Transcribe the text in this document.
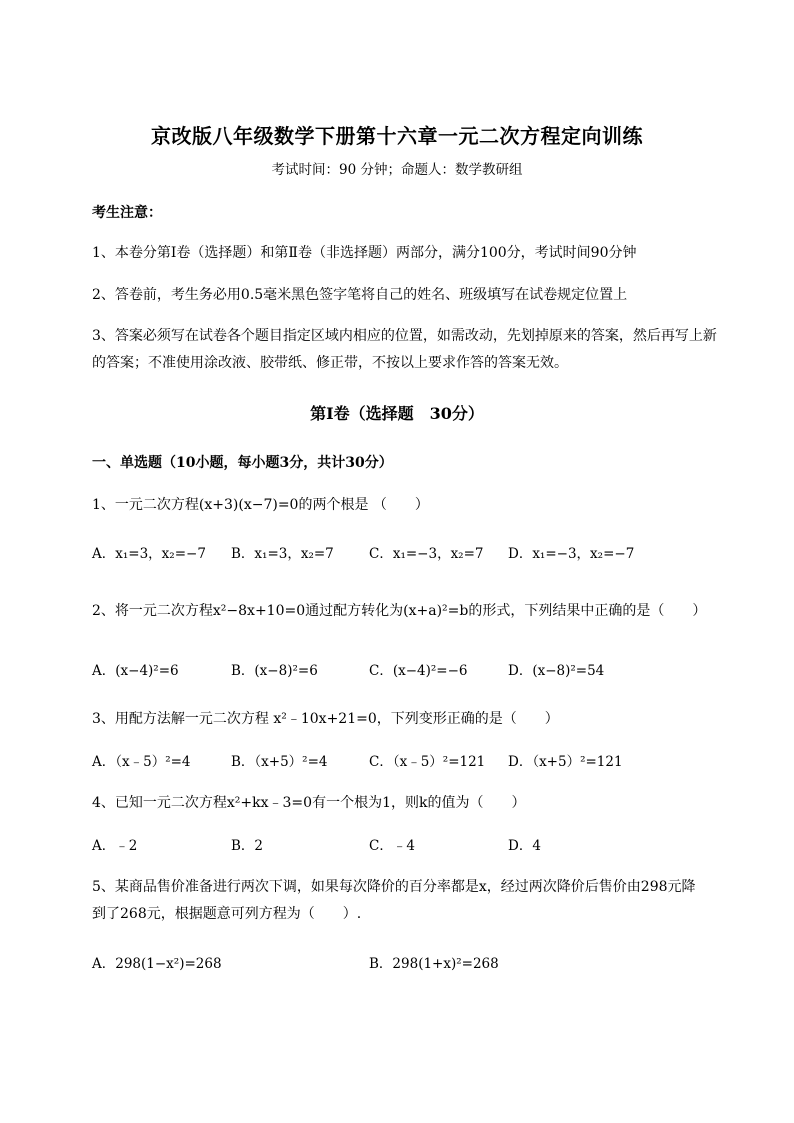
京改版八年级数学下册第十六章一元二次方程定向训练
考试时间：90 分钟；命题人：数学教研组
考生注意：
1、本卷分第Ⅰ卷（选择题）和第Ⅱ卷（非选择题）两部分，满分100分，考试时间90分钟
2、答卷前，考生务必用0.5毫米黑色签字笔将自己的姓名、班级填写在试卷规定位置上
3、答案必须写在试卷各个题目指定区域内相应的位置，如需改动，先划掉原来的答案，然后再写上新
的答案；不准使用涂改液、胶带纸、修正带，不按以上要求作答的答案无效。
第Ⅰ卷（选择题　30分）
一、单选题（10小题，每小题3分，共计30分）
1、一元二次方程(x+3)(x−7)=0的两个根是 （　　）
A．x₁=3，x₂=−7 B．x₁=3，x₂=7	C．x₁=−3，x₂=7 D．x₁=−3，x₂=−7
2、将一元二次方程x²−8x+10=0通过配方转化为(x+a)²=b的形式，下列结果中正确的是（　　）
A．(x−4)²=6	B．(x−8)²=6	C．(x−4)²=−6	D．(x−8)²=54
3、用配方法解一元二次方程 x²﹣10x+21=0，下列变形正确的是（　　）
A．（x﹣5）²=4	B．（x+5）²=4	C．（x﹣5）²=121 D．（x+5）²=121
4、已知一元二次方程x²+kx﹣3=0有一个根为1，则k的值为（　　）
A．﹣2	B．2	C．﹣4	D．4
5、某商品售价准备进行两次下调，如果每次降价的百分率都是x，经过两次降价后售价由298元降
到了268元，根据题意可列方程为（　　）.
A．298(1−x²)=268	B．298(1+x)²=268
